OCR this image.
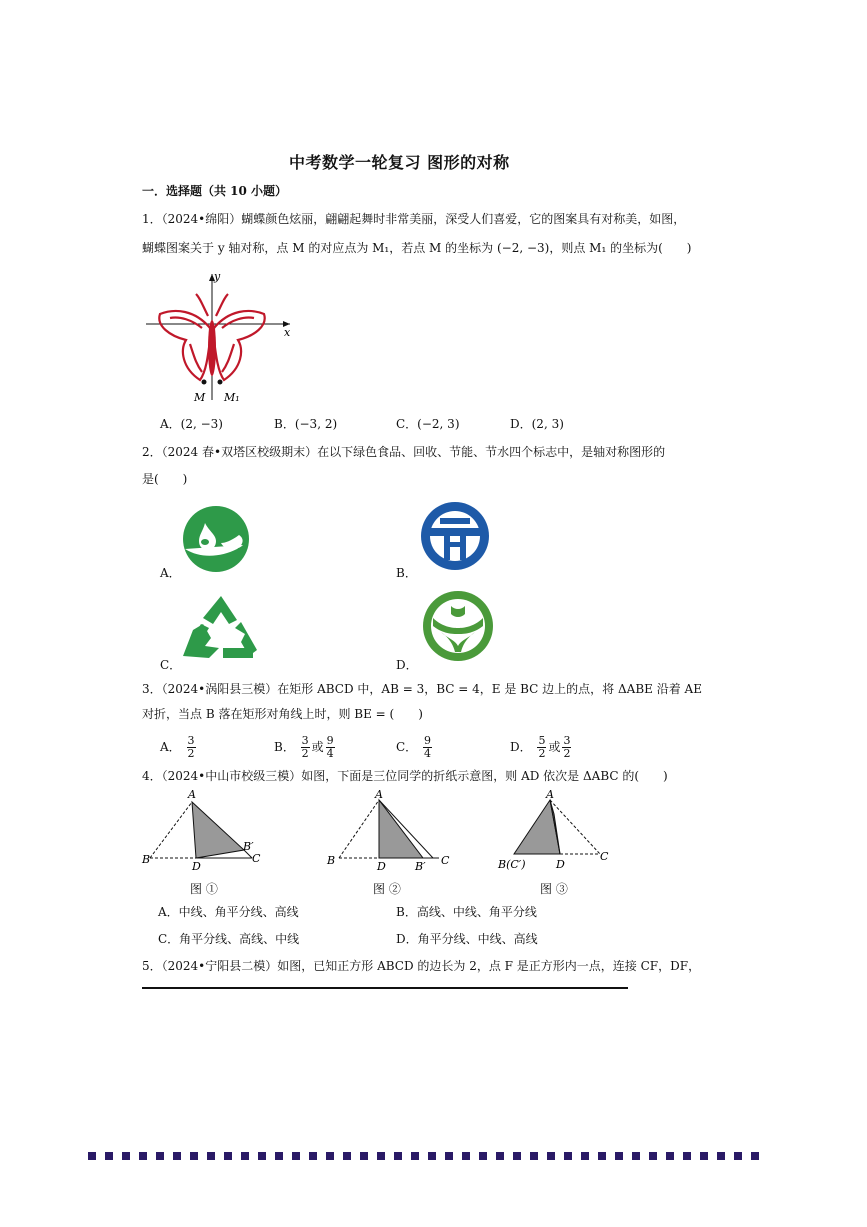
中考数学一轮复习 图形的对称
一．选择题（共 10 小题）
1．（2024•绵阳）蝴蝶颜色炫丽，翩翩起舞时非常美丽，深受人们喜爱，它的图案具有对称美，如图，
蝴蝶图案关于 y 轴对称，点 M 的对应点为 M₁，若点 M 的坐标为 (−2, −3)，则点 M₁ 的坐标为(　　)
y
x
M M₁
A．(2, −3)	B．(−3, 2)	C．(−2, 3)	D．(2, 3)
2．（2024 春•双塔区校级期末）在以下绿色食品、回收、节能、节水四个标志中，是轴对称图形的
是(　　)
A．	B．
C．	D．
3．（2024•涡阳县三模）在矩形 ABCD 中，AB = 3，BC = 4，E 是 BC 边上的点，将 ΔABE 沿着 AE
对折，当点 B 落在矩形对角线上时，则 BE = (　　)
A． $\frac{3}{2}$	B． $\frac{3}{2}$ 或 $\frac{9}{4}$	C． $\frac{9}{4}$	D． $\frac{5}{2}$ 或 $\frac{3}{2}$
4．（2024•中山市校级三模）如图，下面是三位同学的折纸示意图，则 AD 依次是 ΔABC 的(　　)
A
B
D
B′
C
图 ①
A
B	D	B′ C
图 ②
A
B(C′)	D
C
图 ③
A．中线、角平分线、高线	B．高线、中线、角平分线
C．角平分线、高线、中线	D．角平分线、中线、高线
5．（2024•宁阳县二模）如图，已知正方形 ABCD 的边长为 2，点 F 是正方形内一点，连接 CF，DF，
